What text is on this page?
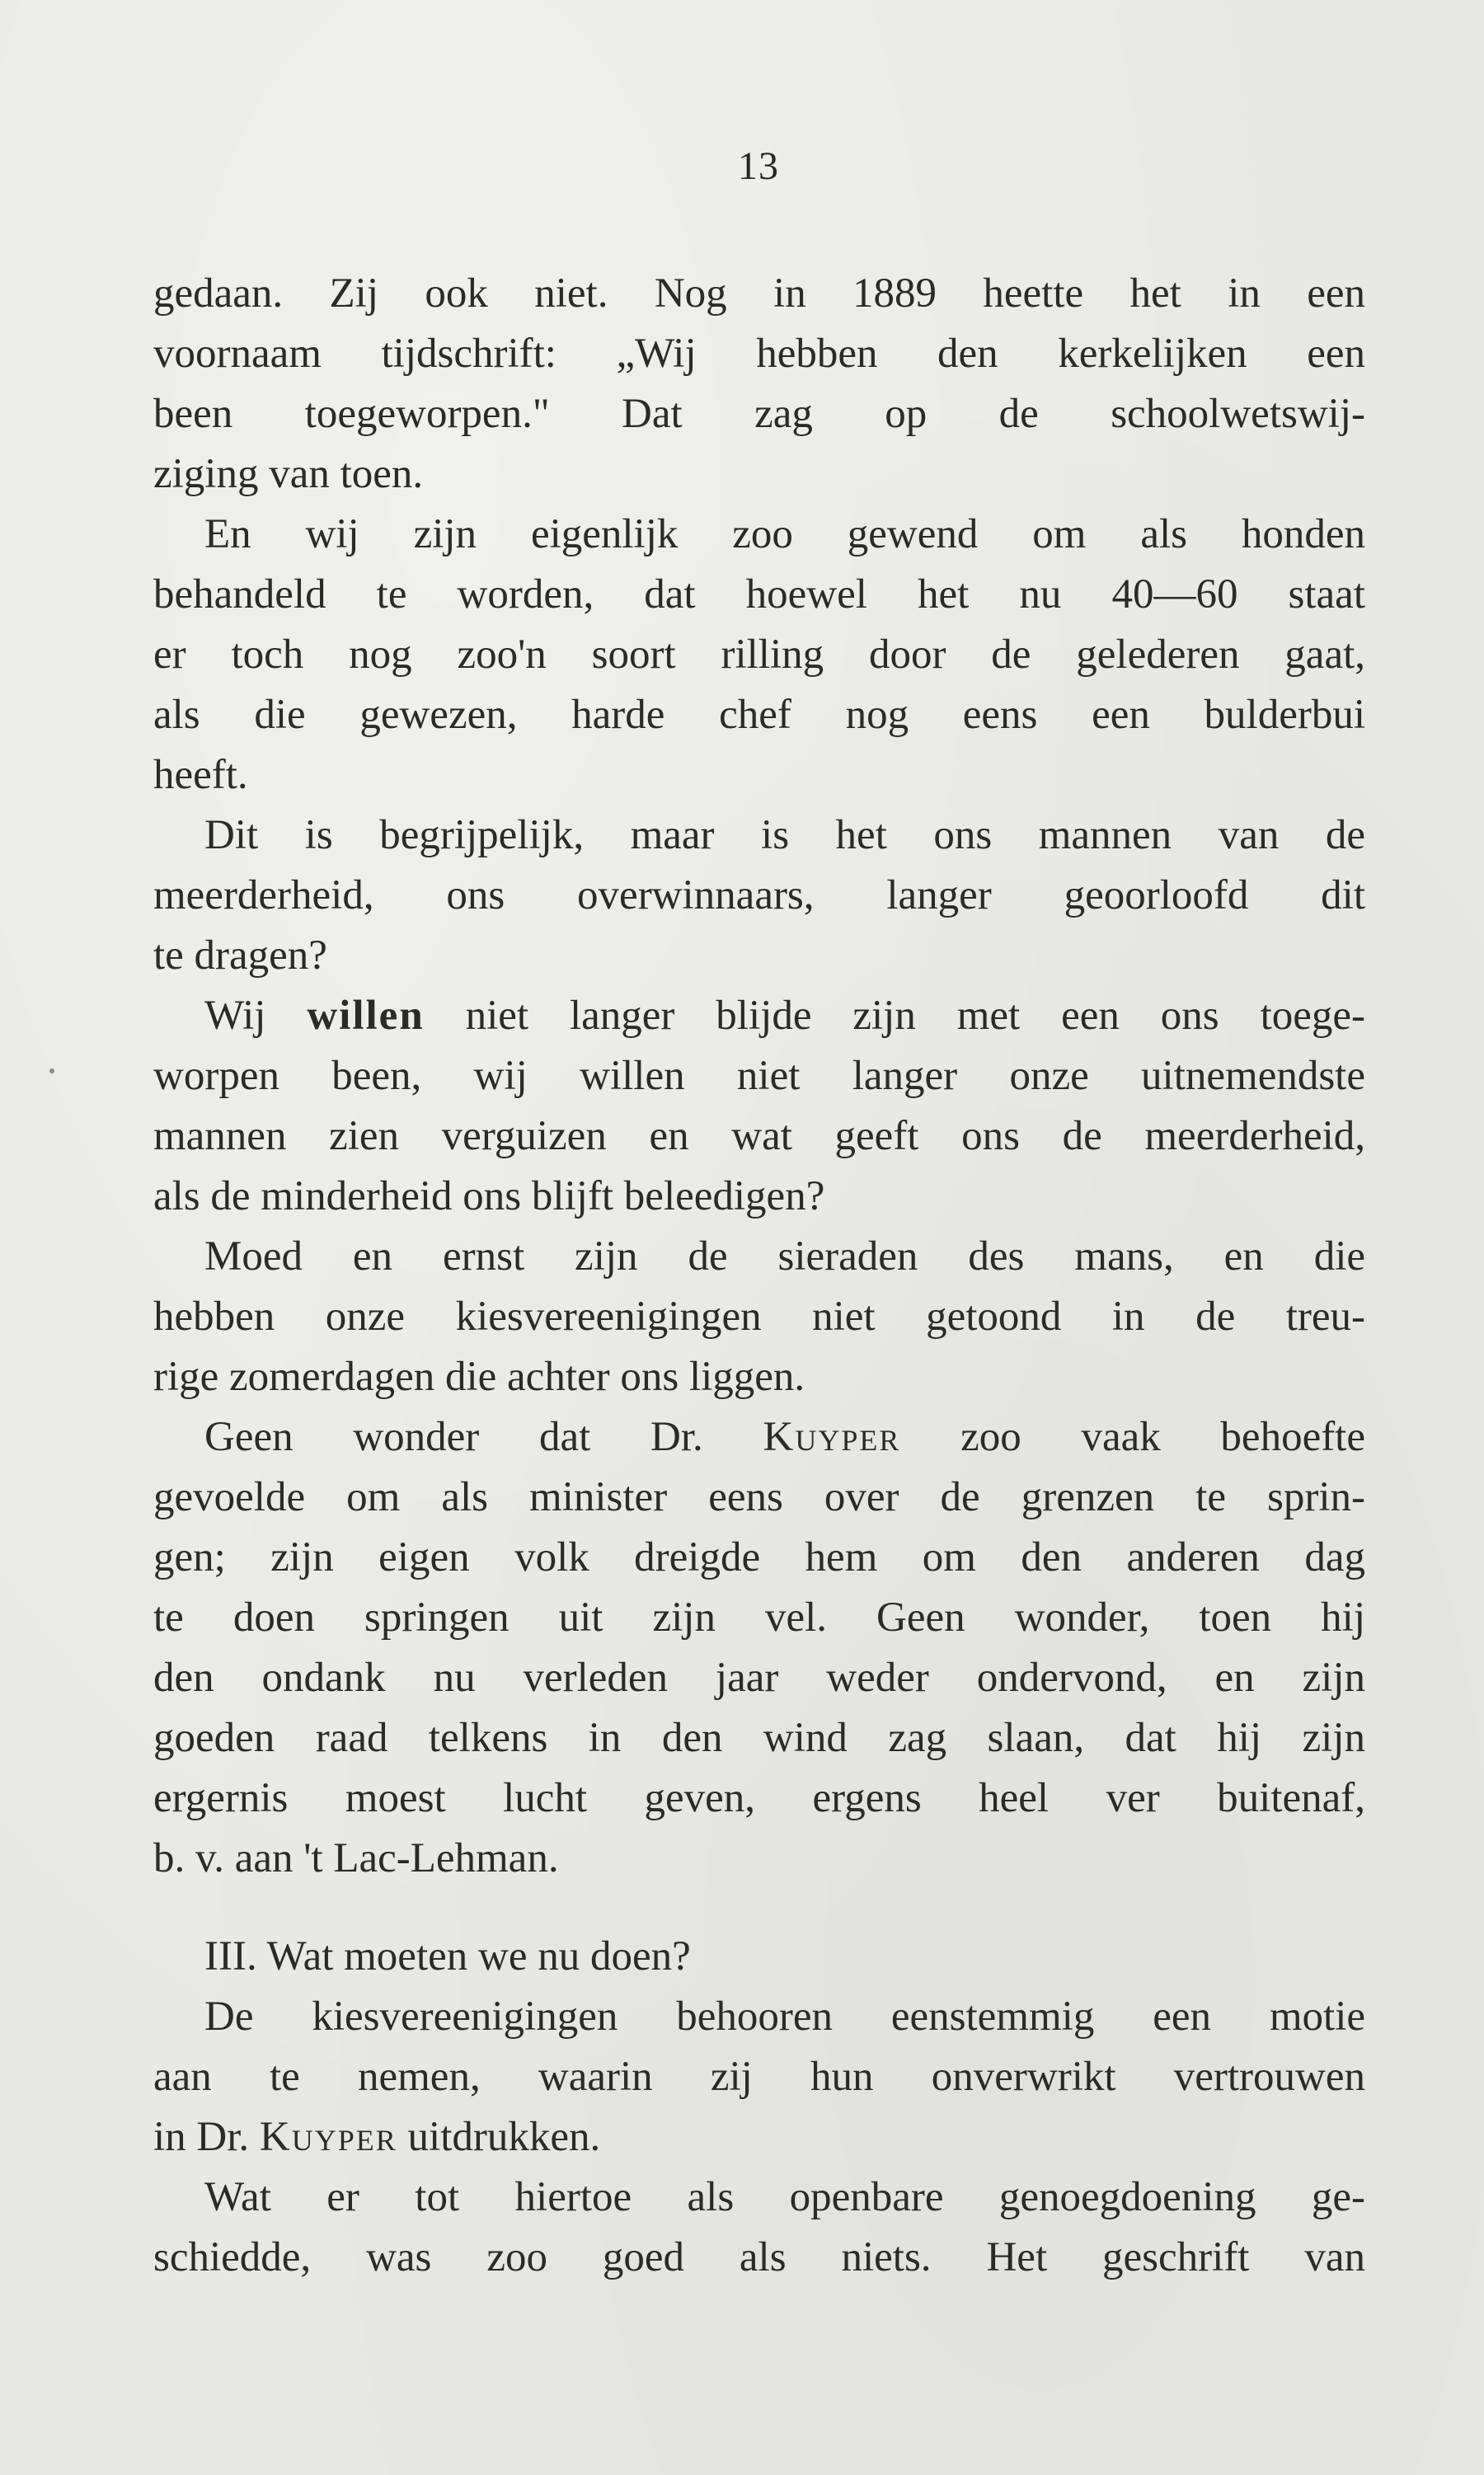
13
gedaan. Zij ook niet. Nog in 1889 heette het in een
voornaam tijdschrift: „Wij hebben den kerkelijken een
been toegeworpen." Dat zag op de schoolwetswij-
ziging van toen.
En wij zijn eigenlijk zoo gewend om als honden
behandeld te worden, dat hoewel het nu 40—60 staat
er toch nog zoo'n soort rilling door de gelederen gaat,
als die gewezen, harde chef nog eens een bulderbui
heeft.
Dit is begrijpelijk, maar is het ons mannen van de
meerderheid, ons overwinnaars, langer geoorloofd dit
te dragen?
Wij willen niet langer blijde zijn met een ons toege-
worpen been, wij willen niet langer onze uitnemendste
mannen zien verguizen en wat geeft ons de meerderheid,
als de minderheid ons blijft beleedigen?
Moed en ernst zijn de sieraden des mans, en die
hebben onze kiesvereenigingen niet getoond in de treu-
rige zomerdagen die achter ons liggen.
Geen wonder dat Dr. Kuyper zoo vaak behoefte
gevoelde om als minister eens over de grenzen te sprin-
gen; zijn eigen volk dreigde hem om den anderen dag
te doen springen uit zijn vel. Geen wonder, toen hij
den ondank nu verleden jaar weder ondervond, en zijn
goeden raad telkens in den wind zag slaan, dat hij zijn
ergernis moest lucht geven, ergens heel ver buitenaf,
b. v. aan 't Lac-Lehman.
III. Wat moeten we nu doen?
De kiesvereenigingen behooren eenstemmig een motie
aan te nemen, waarin zij hun onverwrikt vertrouwen
in Dr. Kuyper uitdrukken.
Wat er tot hiertoe als openbare genoegdoening ge-
schiedde, was zoo goed als niets. Het geschrift van
